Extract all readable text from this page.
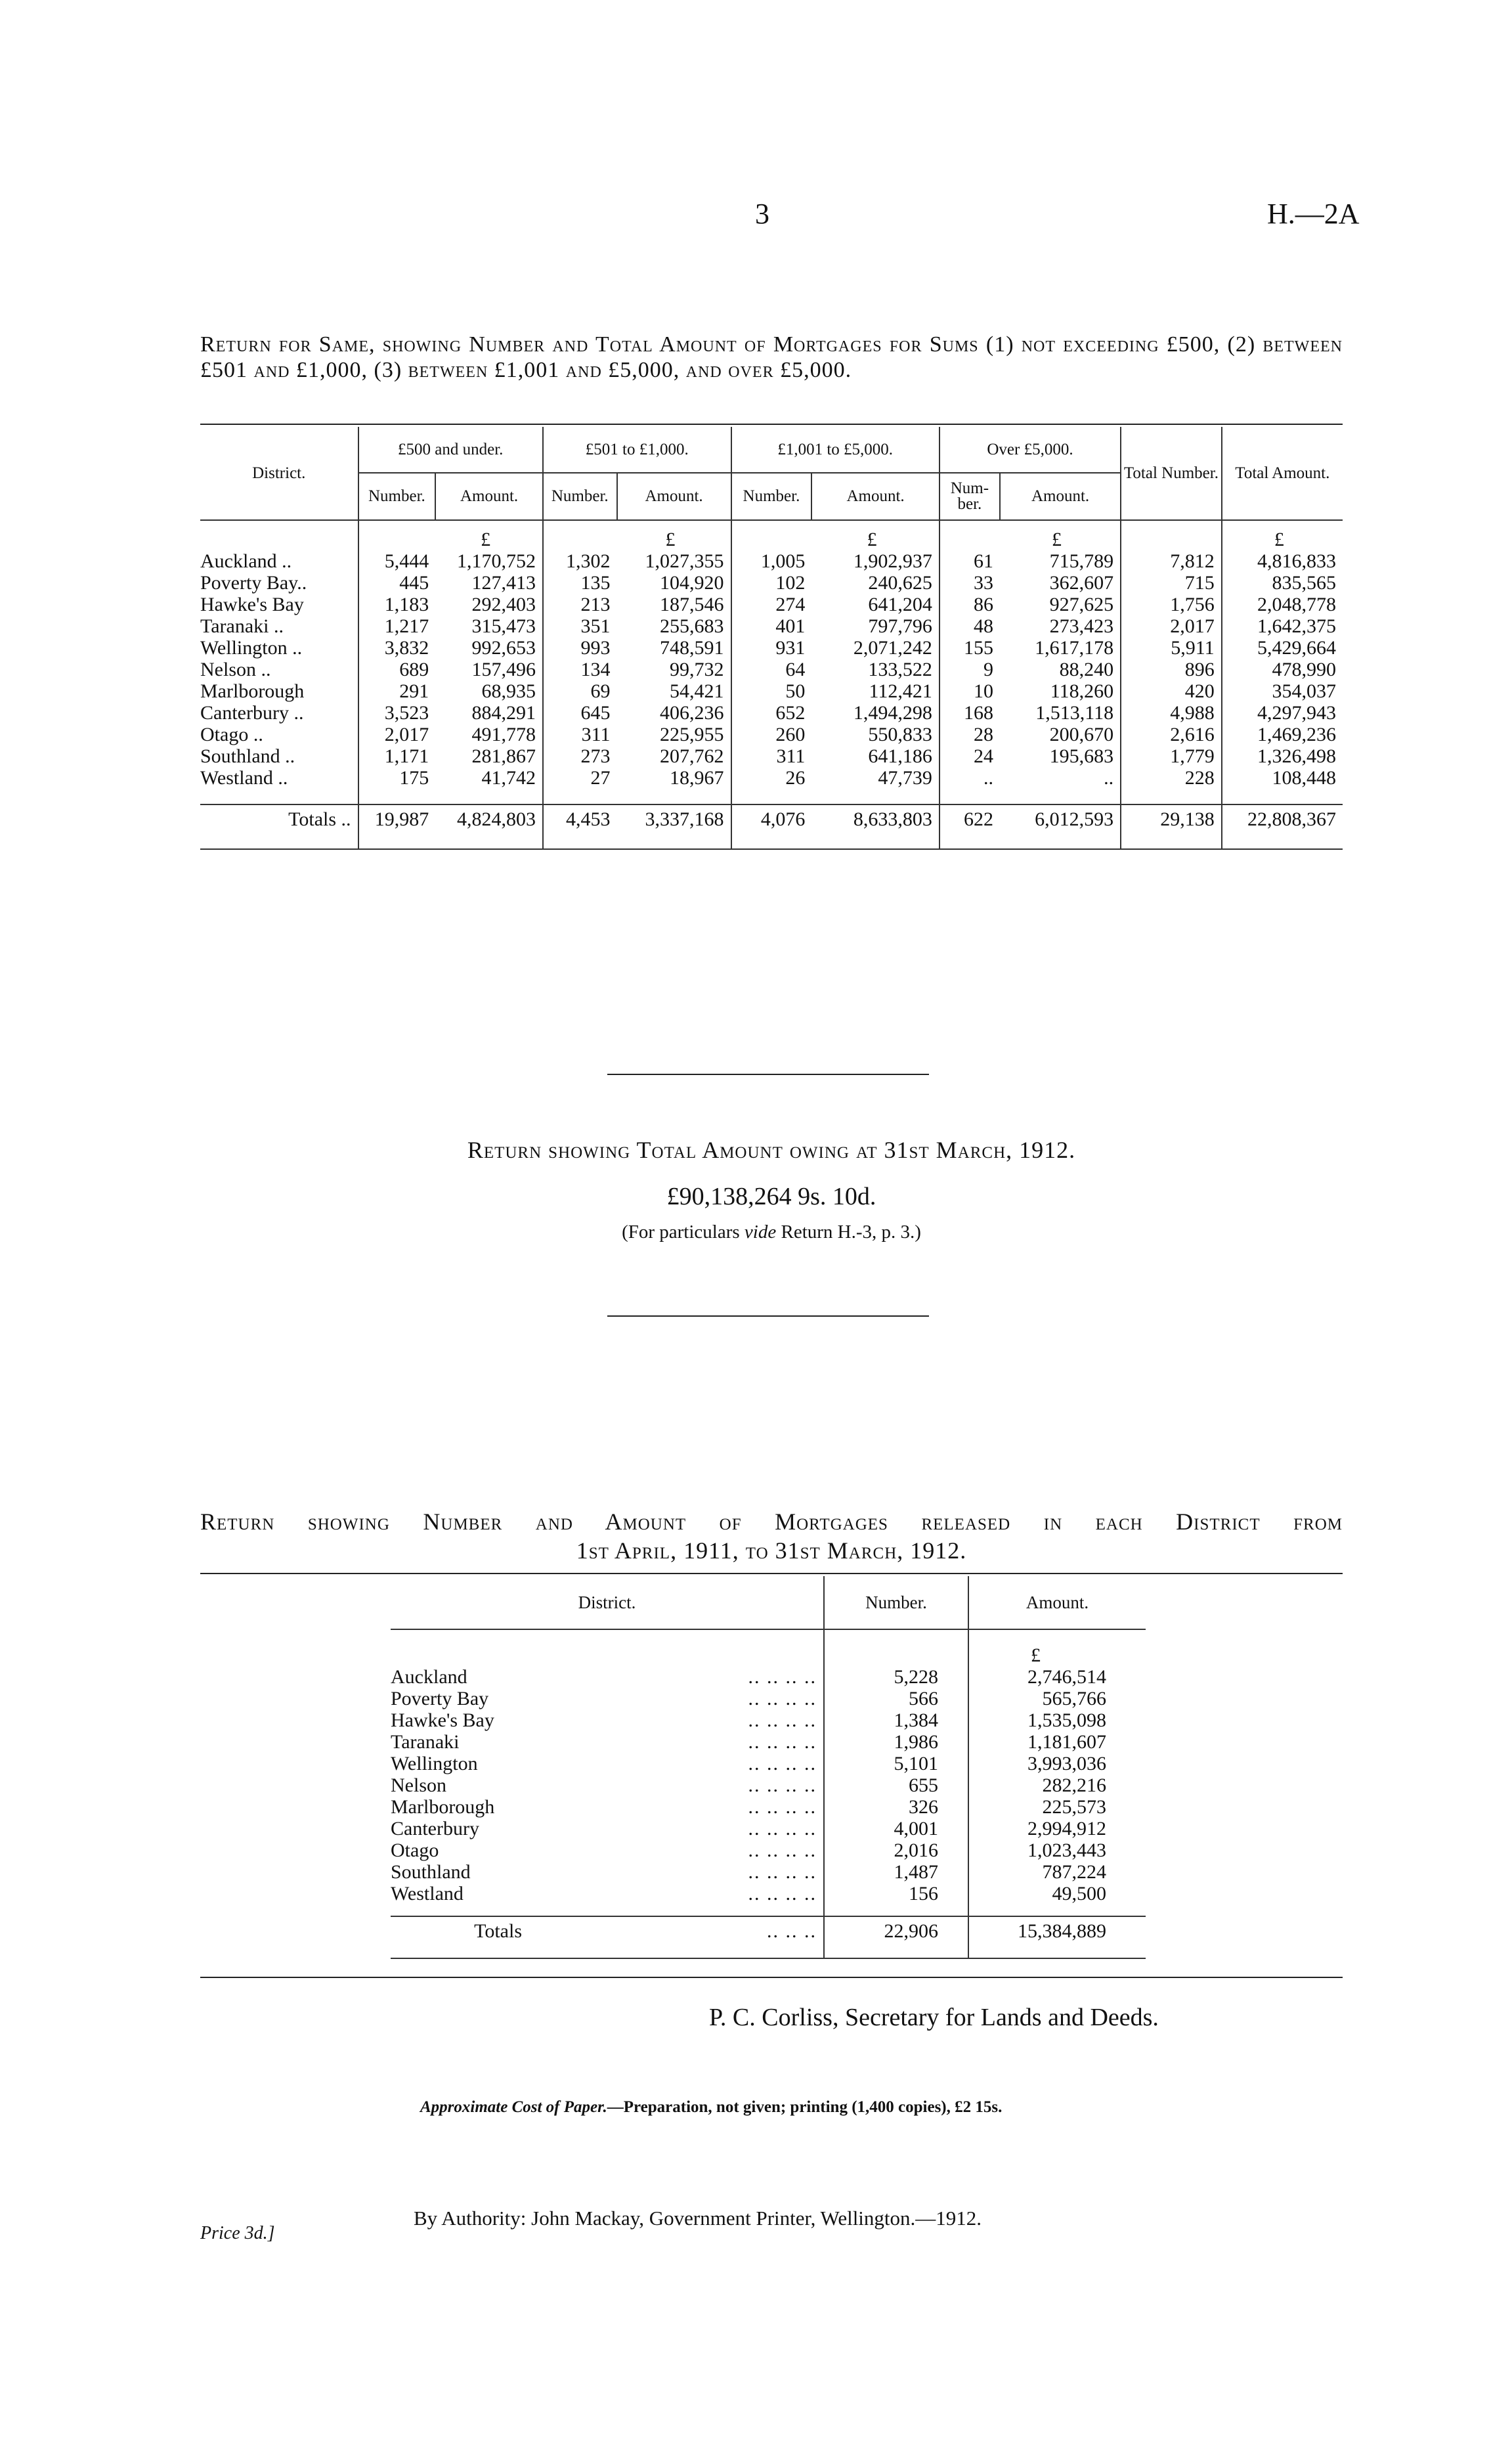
3	H.—2A
Return for Same, showing Number and Total Amount of Mortgages for Sums (1) not exceeding £500, (2) between £501 and £1,000, (3) between £1,001 and £5,000, and over £5,000.
District.	£500 and under.		£501 to £1,000.		£1,001 to £5,000.		Over £5,000.		Total Number.	Total Amount.
	Number.	Amount.	Number.	Amount.	Number.	Amount.	Num-ber.	Amount.		
		£		£		£		£		£
Auckland ..	5,444	1,170,752	1,302	1,027,355	1,005	1,902,937	61	715,789	7,812	4,816,833
Poverty Bay..	445	127,413	135	104,920	102	240,625	33	362,607	715	835,565
Hawke's Bay	1,183	292,403	213	187,546	274	641,204	86	927,625	1,756	2,048,778
Taranaki ..	1,217	315,473	351	255,683	401	797,796	48	273,423	2,017	1,642,375
Wellington ..	3,832	992,653	993	748,591	931	2,071,242	155	1,617,178	5,911	5,429,664
Nelson ..	689	157,496	134	99,732	64	133,522	9	88,240	896	478,990
Marlborough	291	68,935	69	54,421	50	112,421	10	118,260	420	354,037
Canterbury ..	3,523	884,291	645	406,236	652	1,494,298	168	1,513,118	4,988	4,297,943
Otago ..	2,017	491,778	311	225,955	260	550,833	28	200,670	2,616	1,469,236
Southland ..	1,171	281,867	273	207,762	311	641,186	24	195,683	1,779	1,326,498
Westland ..	175	41,742	27	18,967	26	47,739	..	..	228	108,448

Totals ..	19,987	4,824,803	4,453	3,337,168	4,076	8,633,803	622	6,012,593	29,138	22,808,367

Return showing Total Amount owing at 31st March, 1912.
£90,138,264 9s. 10d.
(For particulars vide Return H.-3, p. 3.)
Return showing Number and Amount of Mortgages released in each District from
1st April, 1911, to 31st March, 1912.
District.		Number.	Amount.
			£
Auckland	.. .. .. ..	5,228	2,746,514
Poverty Bay	.. .. .. ..	566	565,766
Hawke's Bay	.. .. .. ..	1,384	1,535,098
Taranaki	.. .. .. ..	1,986	1,181,607
Wellington	.. .. .. ..	5,101	3,993,036
Nelson	.. .. .. ..	655	282,216
Marlborough	.. .. .. ..	326	225,573
Canterbury	.. .. .. ..	4,001	2,994,912
Otago	.. .. .. ..	2,016	1,023,443
Southland	.. .. .. ..	1,487	787,224
Westland	.. .. .. ..	156	49,500

Totals	.. .. ..	22,906	15,384,889

P. C. Corliss, Secretary for Lands and Deeds.
Approximate Cost of Paper.—Preparation, not given; printing (1,400 copies), £2 15s.
By Authority: John Mackay, Government Printer, Wellington.—1912.
Price 3d.]
